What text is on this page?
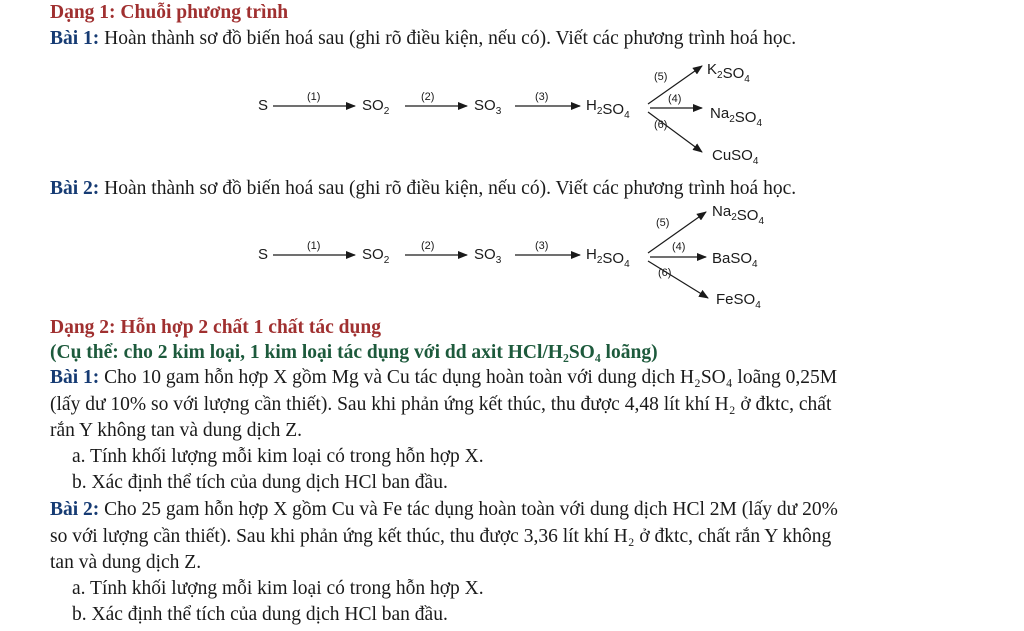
Dạng 1: Chuỗi phương trình
Bài 1: Hoàn thành sơ đồ biến hoá sau (ghi rõ điều kiện, nếu có). Viết các phương trình hoá học.
Bài 2: Hoàn thành sơ đồ biến hoá sau (ghi rõ điều kiện, nếu có). Viết các phương trình hoá học.
S	$SO_2$	$SO_3$	$H_2SO_4$
$K_2SO_4$
$Na_2SO_4$
CuSO$_4$
(1)	(2)	(3)
(5)
(4)
(6)
S	$SO_2$	$SO_3$	$H_2SO_4$
$Na_2SO_4$
BaSO$_4$
FeSO$_4$
(1)	(2)	(3)
(5)
(4)
(6)
Dạng 2: Hỗn hợp 2 chất 1 chất tác dụng
(Cụ thể: cho 2 kim loại, 1 kim loại tác dụng với dd axit HCl/H₂SO₄ loãng)
Bài 1: Cho 10 gam hỗn hợp X gồm Mg và Cu tác dụng hoàn toàn với dung dịch H₂SO₄ loãng 0,25M
(lấy dư 10% so với lượng cần thiết). Sau khi phản ứng kết thúc, thu được 4,48 lít khí H₂ ở đktc, chất
rắn Y không tan và dung dịch Z.
a. Tính khối lượng mỗi kim loại có trong hỗn hợp X.
b. Xác định thể tích của dung dịch HCl ban đầu.
Bài 2: Cho 25 gam hỗn hợp X gồm Cu và Fe tác dụng hoàn toàn với dung dịch HCl 2M (lấy dư 20%
so với lượng cần thiết). Sau khi phản ứng kết thúc, thu được 3,36 lít khí H₂ ở đktc, chất rắn Y không
tan và dung dịch Z.
a. Tính khối lượng mỗi kim loại có trong hỗn hợp X.
b. Xác định thể tích của dung dịch HCl ban đầu.
